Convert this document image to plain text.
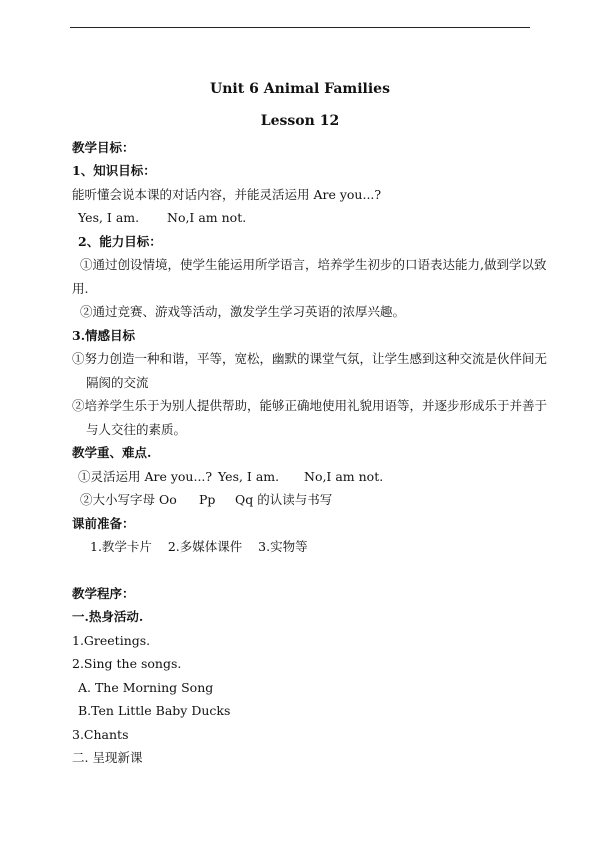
Unit 6 Animal Families
Lesson 12
教学目标：
1、知识目标：
能听懂会说本课的对话内容，并能灵活运用 Are you...?
Yes, I am. No,I am not.
2、能力目标：
①通过创设情境，使学生能运用所学语言，培养学生初步的口语表达能力,做到学以致
用.
②通过竞赛、游戏等活动，激发学生学习英语的浓厚兴趣。
3.情感目标
①努力创造一种和谐，平等，宽松，幽默的课堂气氛，让学生感到这种交流是伙伴间无
隔阂的交流
②培养学生乐于为别人提供帮助，能够正确地使用礼貌用语等，并逐步形成乐于并善于
与人交往的素质。
教学重、难点.
①灵活运用 Are you...? Yes, I am. No,I am not.
②大小写字母 Oo Pp Qq 的认读与书写
课前准备：
1.教学卡片    2.多媒体课件    3.实物等
教学程序：
一.热身活动.
1.Greetings.
2.Sing the songs.
A. The Morning Song
B.Ten Little Baby Ducks
3.Chants
二. 呈现新课
